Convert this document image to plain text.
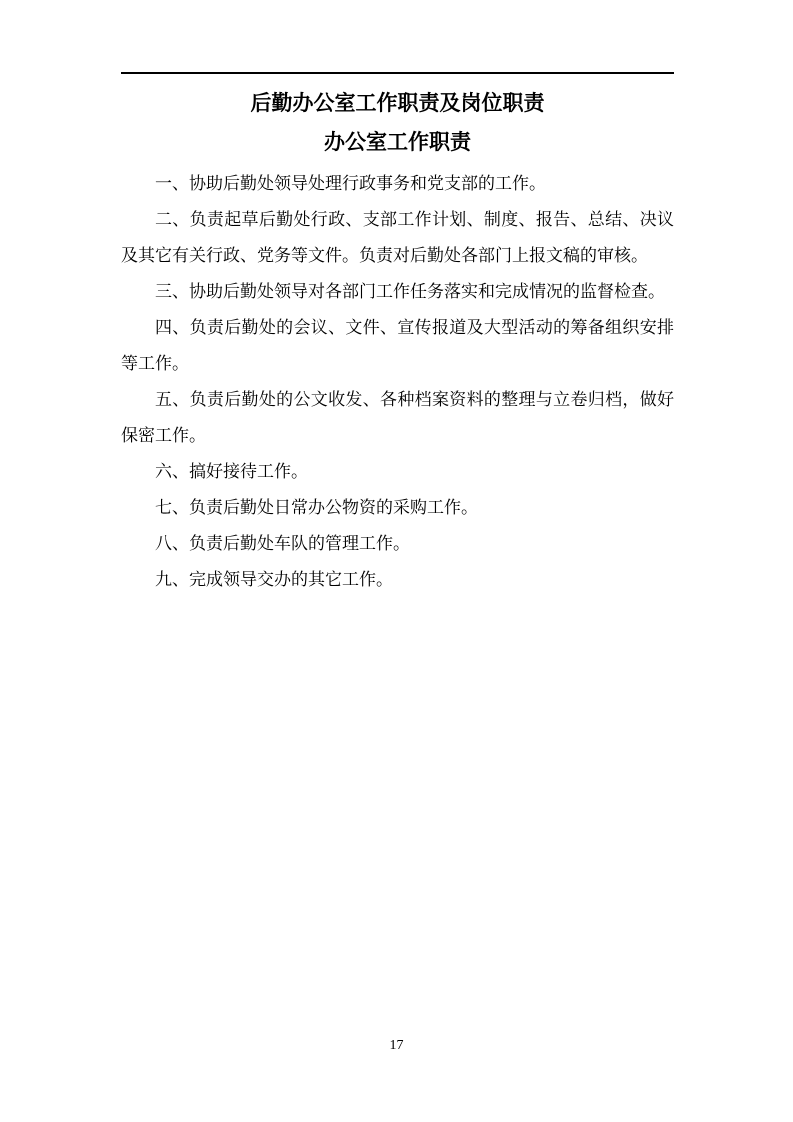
后勤办公室工作职责及岗位职责
办公室工作职责

一、协助后勤处领导处理行政事务和党支部的工作。

二、负责起草后勤处行政、支部工作计划、制度、报告、总结、决议及其它有关行政、党务等文件。负责对后勤处各部门上报文稿的审核。

三、协助后勤处领导对各部门工作任务落实和完成情况的监督检查。

四、负责后勤处的会议、文件、宣传报道及大型活动的筹备组织安排等工作。

五、负责后勤处的公文收发、各种档案资料的整理与立卷归档，做好保密工作。

六、搞好接待工作。

七、负责后勤处日常办公物资的采购工作。

八、负责后勤处车队的管理工作。

九、完成领导交办的其它工作。

17
